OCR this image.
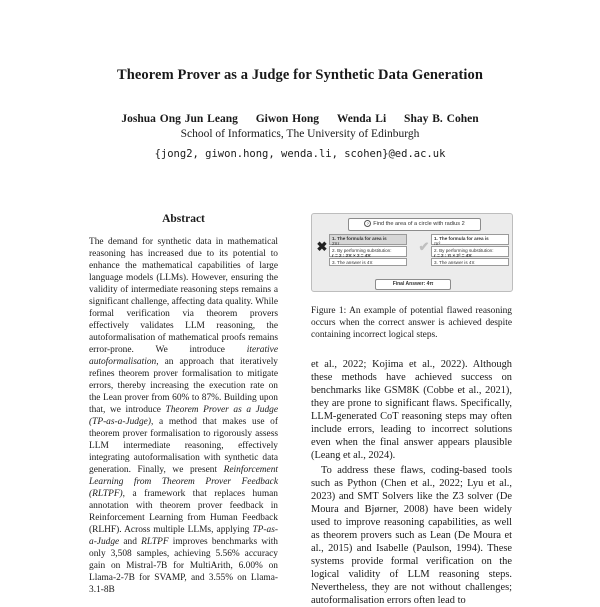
Theorem Prover as a Judge for Synthetic Data Generation
Joshua Ong Jun Leang Giwon Hong Wenda Li Shay B. Cohen
School of Informatics, The University of Edinburgh
{jong2, giwon.hong, wenda.li, scohen}@ed.ac.uk
Abstract

The demand for synthetic data in mathematical reasoning has increased due to its potential to enhance the mathematical capabilities of large language models (LLMs). However, ensuring the validity of intermediate reasoning steps remains a significant challenge, affecting data quality. While formal verification via theorem provers effectively validates LLM reasoning, the autoformalisation of mathematical proofs remains error-prone. We introduce iterative autoformalisation, an approach that iteratively refines theorem prover formalisation to mitigate errors, thereby increasing the execution rate on the Lean prover from 60% to 87%. Building upon that, we introduce Theorem Prover as a Judge (TP-as-a-Judge), a method that makes use of theorem prover formalisation to rigorously assess LLM intermediate reasoning, effectively integrating autoformalisation with synthetic data generation. Finally, we present Reinforcement Learning from Theorem Prover Feedback (RLTPF), a framework that replaces human annotation with theorem prover feedback in Reinforcement Learning from Human Feedback (RLHF). Across multiple LLMs, applying TP-as-a-Judge and RLTPF improves benchmarks with only 3,508 samples, achieving 5.56% accuracy gain on Mistral-7B for MultiArith, 6.00% on Llama-2-7B for SVAMP, and 3.55% on Llama-3.1-8B

? Find the area of a circle with radius 2
✖
1. The formula for area is
2πr
2. By performing substitution:
r = 2 : 2π × 2 = 4π
3. The answer is 4π
✔
1. The formula for area is
πr²
2. By performing substitution:
r = 2 : π × 2² = 4π
3. The answer is 4π
Final Answer: 4π
Figure 1: An example of potential flawed reasoning occurs when the correct answer is achieved despite containing incorrect logical steps.

et al., 2022; Kojima et al., 2022). Although these methods have achieved success on benchmarks like GSM8K (Cobbe et al., 2021), they are prone to significant flaws. Specifically, LLM-generated CoT reasoning steps may often include errors, leading to incorrect solutions even when the final answer appears plausible (Leang et al., 2024).

To address these flaws, coding-based tools such as Python (Chen et al., 2022; Lyu et al., 2023) and SMT Solvers like the Z3 solver (De Moura and Bjørner, 2008) have been widely used to improve reasoning capabilities, as well as theorem provers such as Lean (De Moura et al., 2015) and Isabelle (Paulson, 1994). These systems provide formal verification on the logical validity of LLM reasoning steps. Nevertheless, they are not without challenges; autoformalisation errors often lead to
